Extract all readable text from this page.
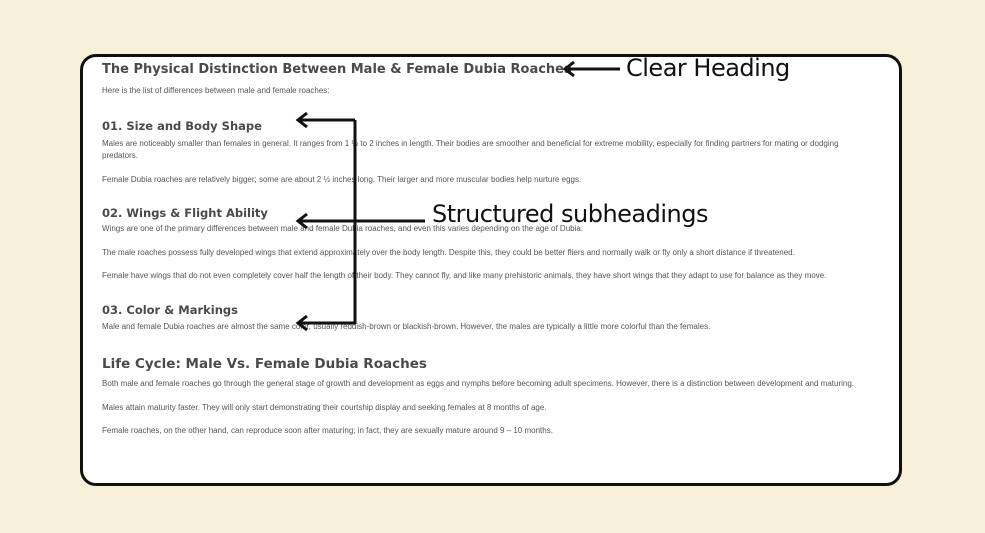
The Physical Distinction Between Male & Female Dubia Roaches

Here is the list of differences between male and female roaches:

01. Size and Body Shape

Males are noticeably smaller than females in general. It ranges from 1 ½ to 2 inches in length. Their bodies are smoother and beneficial for extreme mobility, especially for finding partners for mating or dodging predators.

Female Dubia roaches are relatively bigger; some are about 2 ½ inches long. Their larger and more muscular bodies help nurture eggs.

02. Wings & Flight Ability

Wings are one of the primary differences between male and female Dubia roaches, and even this varies depending on the age of Dubia.

The male roaches possess fully developed wings that extend approximately over the body length. Despite this, they could be better fliers and normally walk or fly only a short distance if threatened.

Female have wings that do not even completely cover half the length of their body. They cannot fly, and like many prehistoric animals, they have short wings that they adapt to use for balance as they move.

03. Color & Markings

Male and female Dubia roaches are almost the same color, usually reddish-brown or blackish-brown. However, the males are typically a little more colorful than the females.

Life Cycle: Male Vs. Female Dubia Roaches

Both male and female roaches go through the general stage of growth and development as eggs and nymphs before becoming adult specimens. However, there is a distinction between development and maturing.

Males attain maturity faster. They will only start demonstrating their courtship display and seeking females at 8 months of age.

Female roaches, on the other hand, can reproduce soon after maturing; in fact, they are sexually mature around 9 – 10 months.

Clear Heading
Structured subheadings
